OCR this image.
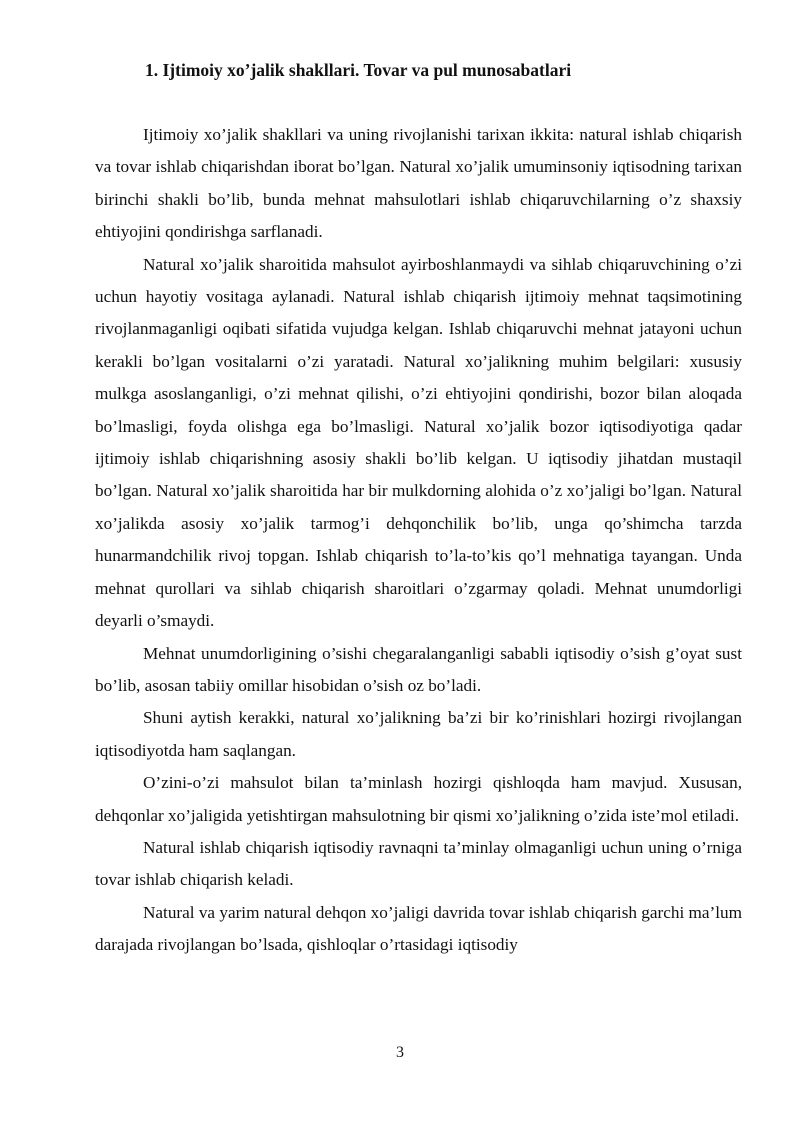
1. Ijtimoiy xo’jalik shakllari. Tovar va pul munosabatlari

Ijtimoiy xo’jalik shakllari va uning rivojlanishi tarixan ikkita: natural ishlab chiqarish va tovar ishlab chiqarishdan iborat bo’lgan. Natural xo’jalik umuminsoniy iqtisodning tarixan birinchi shakli bo’lib, bunda mehnat mahsulotlari ishlab chiqaruvchilarning o’z shaxsiy ehtiyojini qondirishga sarflanadi.

Natural xo’jalik sharoitida mahsulot ayirboshlanmaydi va sihlab chiqaruvchining o’zi uchun hayotiy vositaga aylanadi. Natural ishlab chiqarish ijtimoiy mehnat taqsimotining rivojlanmaganligi oqibati sifatida vujudga kelgan. Ishlab chiqaruvchi mehnat jatayoni uchun kerakli bo’lgan vositalarni o’zi yaratadi. Natural xo’jalikning muhim belgilari: xususiy mulkga asoslanganligi, o’zi mehnat qilishi, o’zi ehtiyojini qondirishi, bozor bilan aloqada bo’lmasligi, foyda olishga ega bo’lmasligi. Natural xo’jalik bozor iqtisodiyotiga qadar ijtimoiy ishlab chiqarishning asosiy shakli bo’lib kelgan. U iqtisodiy jihatdan mustaqil bo’lgan. Natural xo’jalik sharoitida har bir mulkdorning alohida o’z xo’jaligi bo’lgan. Natural xo’jalikda asosiy xo’jalik tarmog’i dehqonchilik bo’lib, unga qo’shimcha tarzda hunarmandchilik rivoj topgan. Ishlab chiqarish to’la-to’kis qo’l mehnatiga tayangan. Unda mehnat qurollari va sihlab chiqarish sharoitlari o’zgarmay qoladi. Mehnat unumdorligi deyarli o’smaydi.

Mehnat unumdorligining o’sishi chegaralanganligi sababli iqtisodiy o’sish g’oyat sust bo’lib, asosan tabiiy omillar hisobidan o’sish oz bo’ladi.

Shuni aytish kerakki, natural xo’jalikning ba’zi bir ko’rinishlari hozirgi rivojlangan iqtisodiyotda ham saqlangan.

O’zini-o’zi mahsulot bilan ta’minlash hozirgi qishloqda ham mavjud. Xususan, dehqonlar xo’jaligida yetishtirgan mahsulotning bir qismi xo’jalikning o’zida iste’mol etiladi.

Natural ishlab chiqarish iqtisodiy ravnaqni ta’minlay olmaganligi uchun uning o’rniga tovar ishlab chiqarish keladi.

Natural va yarim natural dehqon xo’jaligi davrida tovar ishlab chiqarish garchi ma’lum darajada rivojlangan bo’lsada, qishloqlar o’rtasidagi iqtisodiy

3
